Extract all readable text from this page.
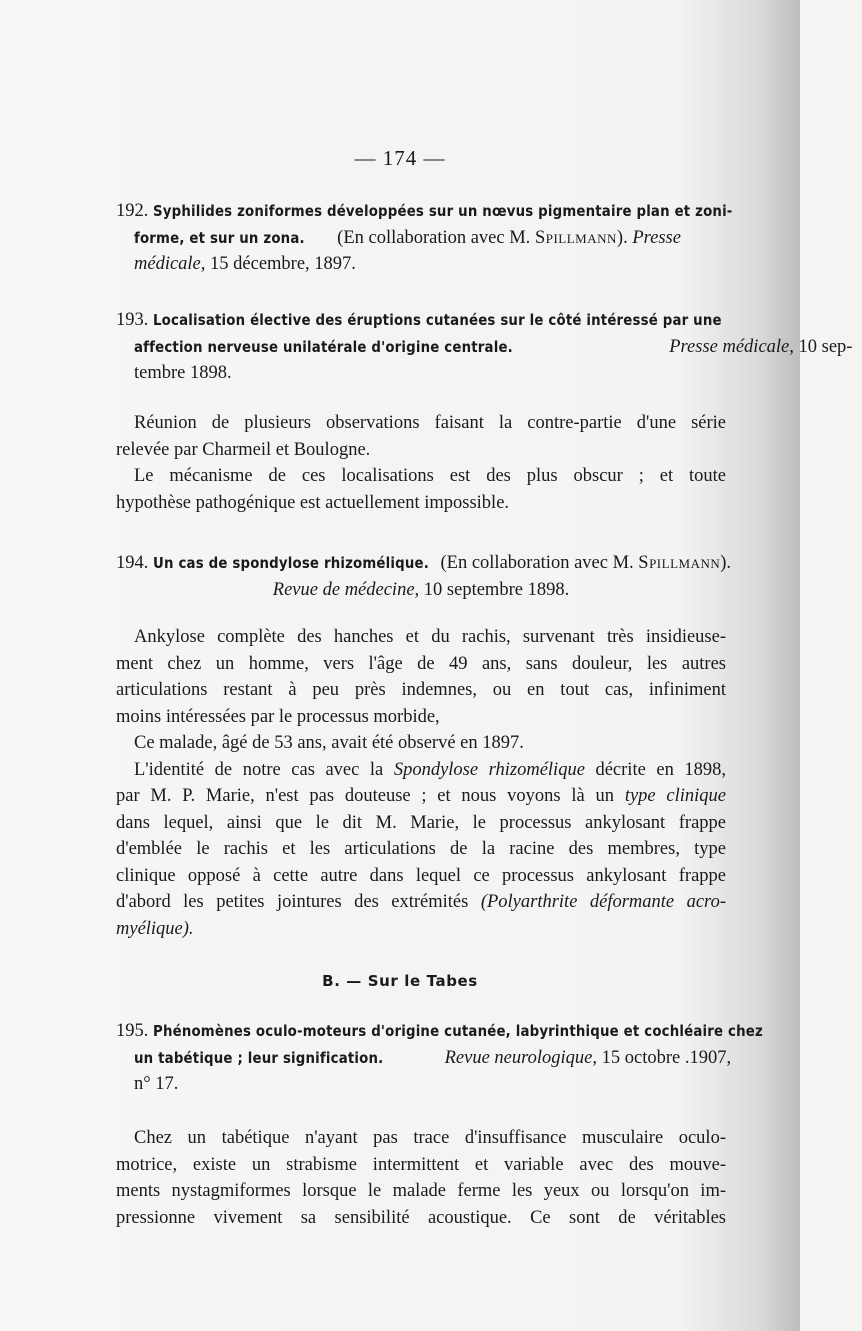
— 174 —
192. Syphilides zoniformes développées sur un nœvus pigmentaire plan et zoni-
forme, et sur un zona. (En collaboration avec M. Spillmann). Presse
médicale, 15 décembre, 1897.
193. Localisation élective des éruptions cutanées sur le côté intéressé par une
affection nerveuse unilatérale d'origine centrale.	Presse médicale, 10 sep-
tembre 1898.
Réunion de plusieurs observations faisant la contre-partie d'une série
relevée par Charmeil et Boulogne.
Le mécanisme de ces localisations est des plus obscur ; et toute
hypothèse pathogénique est actuellement impossible.
194. Un cas de spondylose rhizomélique. (En collaboration avec M. Spillmann).
Revue de médecine, 10 septembre 1898.
Ankylose complète des hanches et du rachis, survenant très insidieuse-
ment chez un homme, vers l'âge de 49 ans, sans douleur, les autres
articulations restant à peu près indemnes, ou en tout cas, infiniment
moins intéressées par le processus morbide,
Ce malade, âgé de 53 ans, avait été observé en 1897.
L'identité de notre cas avec la Spondylose rhizomélique décrite en 1898,
par M. P. Marie, n'est pas douteuse ; et nous voyons là un type clinique
dans lequel, ainsi que le dit M. Marie, le processus ankylosant frappe
d'emblée le rachis et les articulations de la racine des membres, type
clinique opposé à cette autre dans lequel ce processus ankylosant frappe
d'abord les petites jointures des extrémités (Polyarthrite déformante acro-
myélique).
B. — Sur le Tabes
195. Phénomènes oculo-moteurs d'origine cutanée, labyrinthique et cochléaire chez
un tabétique ; leur signification.	Revue neurologique, 15 octobre .1907,
n° 17.
Chez un tabétique n'ayant pas trace d'insuffisance musculaire oculo-
motrice, existe un strabisme intermittent et variable avec des mouve-
ments nystagmiformes lorsque le malade ferme les yeux ou lorsqu'on im-
pressionne vivement sa sensibilité acoustique. Ce sont de véritables
